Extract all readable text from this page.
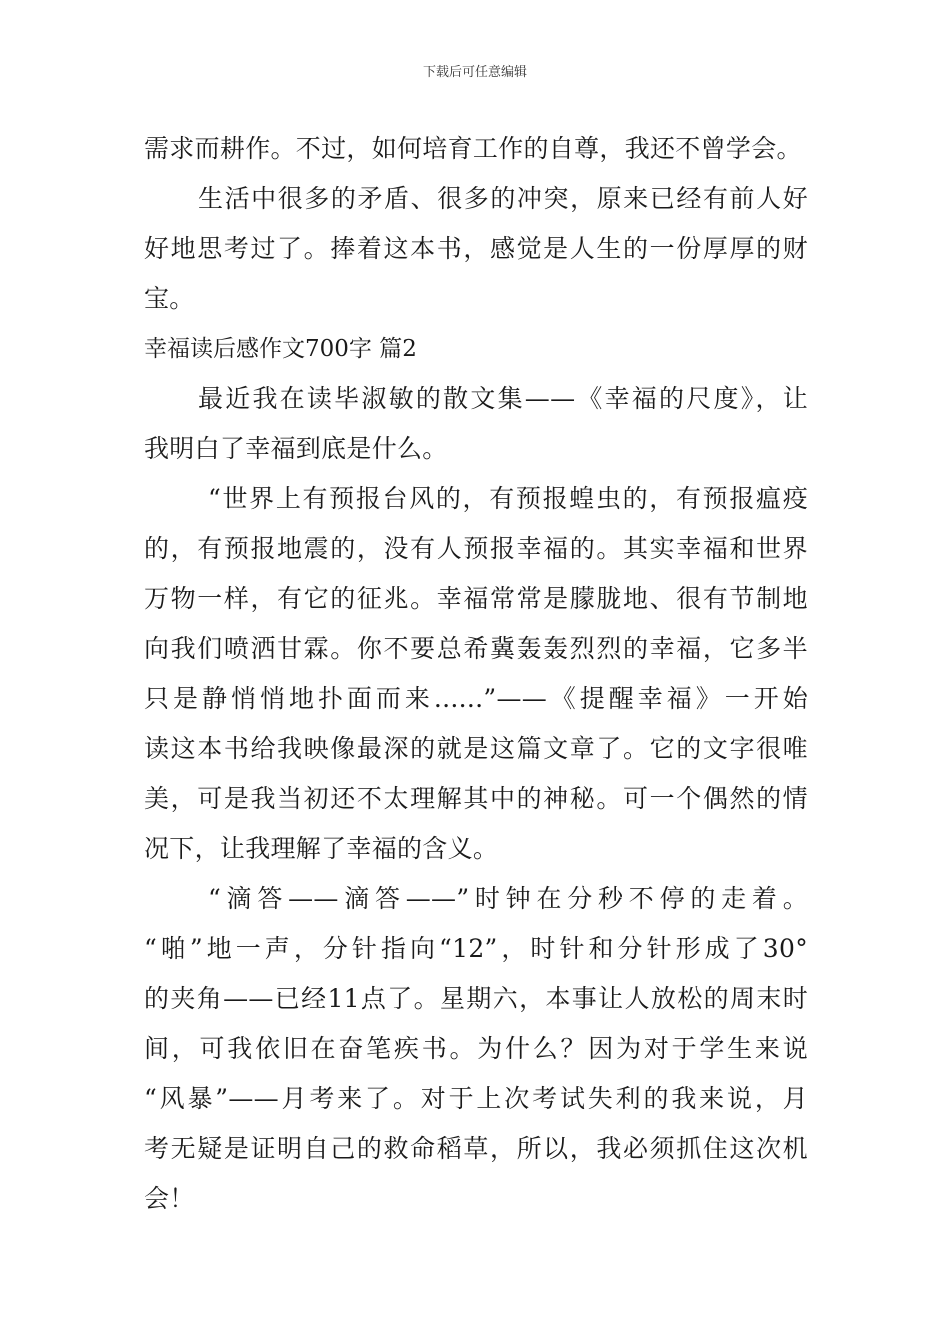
下载后可任意编辑
需求而耕作。不过，如何培育工作的自尊，我还不曾学会。
生活中很多的矛盾、很多的冲突，原来已经有前人好
好地思考过了。捧着这本书，感觉是人生的一份厚厚的财
宝。
幸福读后感作文700字 篇2
最近我在读毕淑敏的散文集——《幸福的尺度》，让
我明白了幸福到底是什么。
“世界上有预报台风的，有预报蝗虫的，有预报瘟疫
的，有预报地震的，没有人预报幸福的。其实幸福和世界
万物一样，有它的征兆。幸福常常是朦胧地、很有节制地
向我们喷洒甘霖。你不要总希冀轰轰烈烈的幸福，它多半
只是静悄悄地扑面而来......”——《提醒幸福》一开始
读这本书给我映像最深的就是这篇文章了。它的文字很唯
美，可是我当初还不太理解其中的神秘。可一个偶然的情
况下，让我理解了幸福的含义。
“滴答——滴答——”时钟在分秒不停的走着。
“啪”地一声，分针指向“12”，时针和分针形成了30°
的夹角——已经11点了。星期六，本事让人放松的周末时
间，可我依旧在奋笔疾书。为什么？因为对于学生来说
“风暴”——月考来了。对于上次考试失利的我来说，月
考无疑是证明自己的救命稻草，所以，我必须抓住这次机
会！
